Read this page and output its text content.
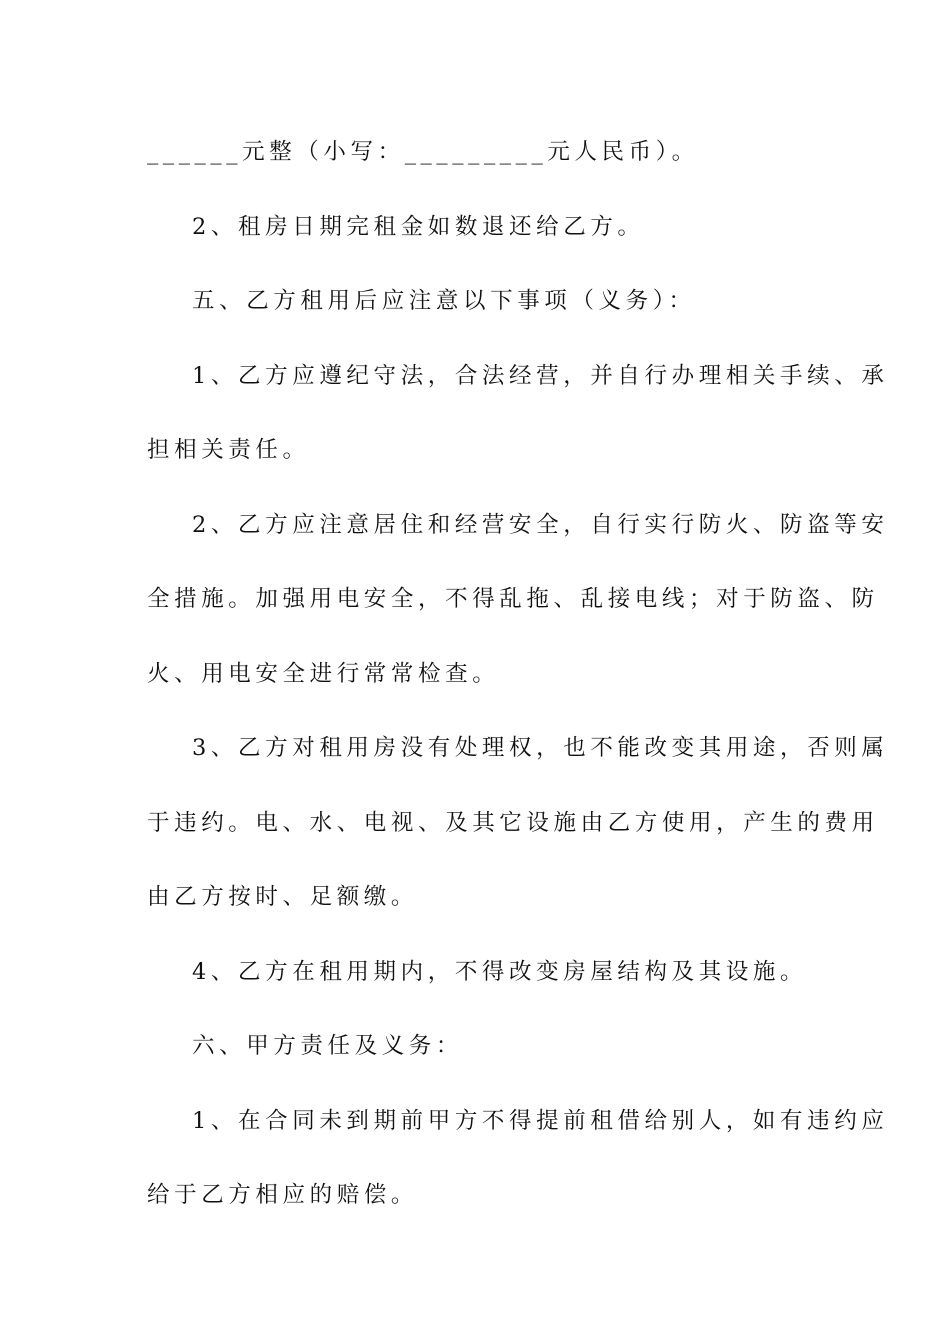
______元整（小写：_________元人民币）。
2、租房日期完租金如数退还给乙方。
五、乙方租用后应注意以下事项（义务）：
1、乙方应遵纪守法，合法经营，并自行办理相关手续、承
担相关责任。
2、乙方应注意居住和经营安全，自行实行防火、防盗等安
全措施。加强用电安全，不得乱拖、乱接电线；对于防盗、防
火、用电安全进行常常检查。
3、乙方对租用房没有处理权，也不能改变其用途，否则属
于违约。电、水、电视、及其它设施由乙方使用，产生的费用
由乙方按时、足额缴。
4、乙方在租用期内，不得改变房屋结构及其设施。
六、甲方责任及义务：
1、在合同未到期前甲方不得提前租借给别人，如有违约应
给于乙方相应的赔偿。
